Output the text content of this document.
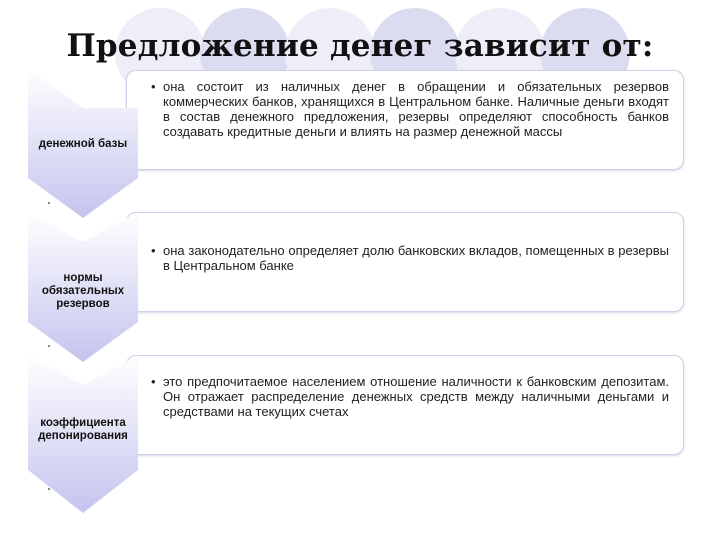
Предложение денег зависит от:
• она состоит из наличных денег в обращении и обязательных резервов коммерческих банков, хранящихся в Центральном банке. Наличные деньги входят в состав денежного предложения, резервы определяют способность банков создавать кредитные деньги и влиять на размер денежной массы
денежной базы
• она законодательно определяет долю банковских вкладов, помещенных в резервы в Центральном банке
нормы обязательных резервов
• это предпочитаемое населением отношение наличности к банковским депозитам. Он отражает распределение денежных средств между наличными деньгами и средствами на текущих счетах
коэффициента депонирования
